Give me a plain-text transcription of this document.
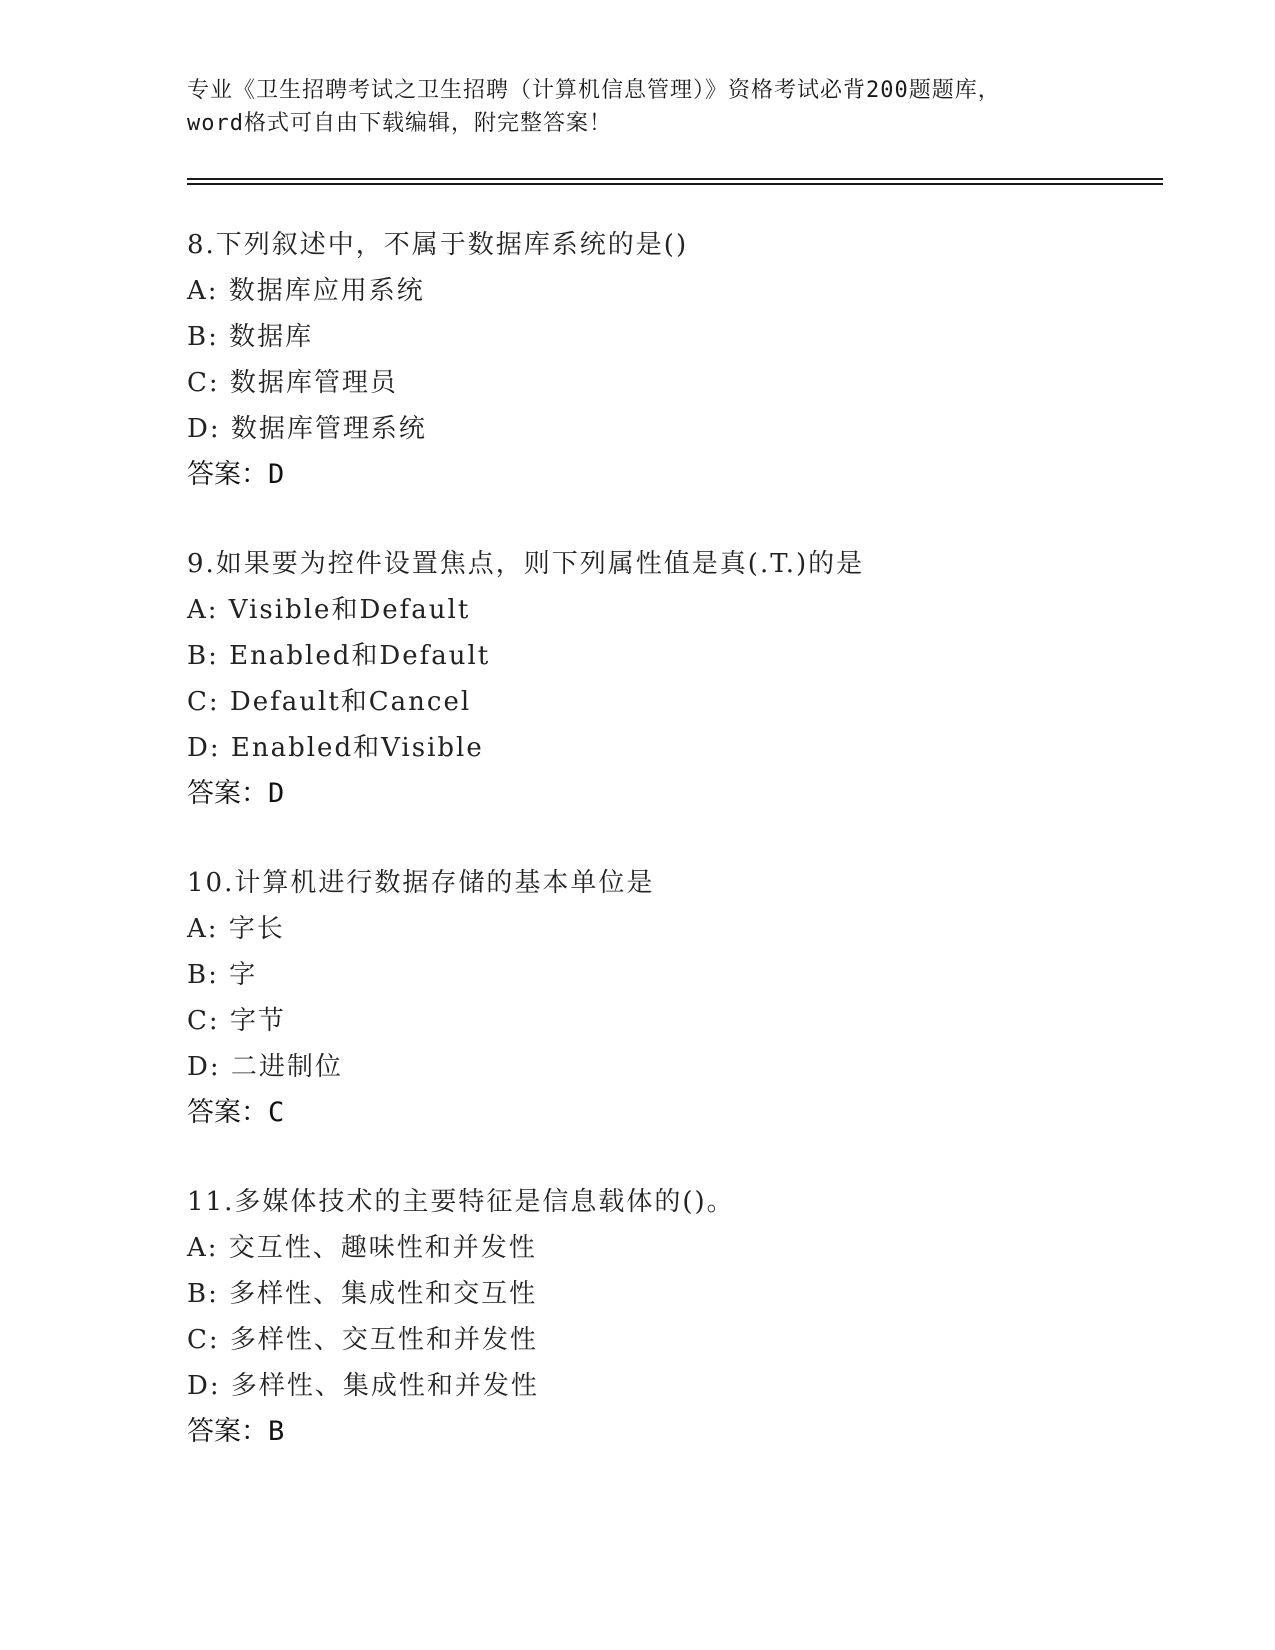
专业《卫生招聘考试之卫生招聘（计算机信息管理）》资格考试必背200题题库，
word格式可自由下载编辑，附完整答案！
8.下列叙述中，不属于数据库系统的是()
A: 数据库应用系统
B: 数据库
C: 数据库管理员
D: 数据库管理系统
答案：D
9.如果要为控件设置焦点，则下列属性值是真(.T.)的是
A: Visible和Default
B: Enabled和Default
C: Default和Cancel
D: Enabled和Visible
答案：D
10.计算机进行数据存储的基本单位是
A: 字长
B: 字
C: 字节
D: 二进制位
答案：C
11.多媒体技术的主要特征是信息载体的()。
A: 交互性、趣味性和并发性
B: 多样性、集成性和交互性
C: 多样性、交互性和并发性
D: 多样性、集成性和并发性
答案：B
